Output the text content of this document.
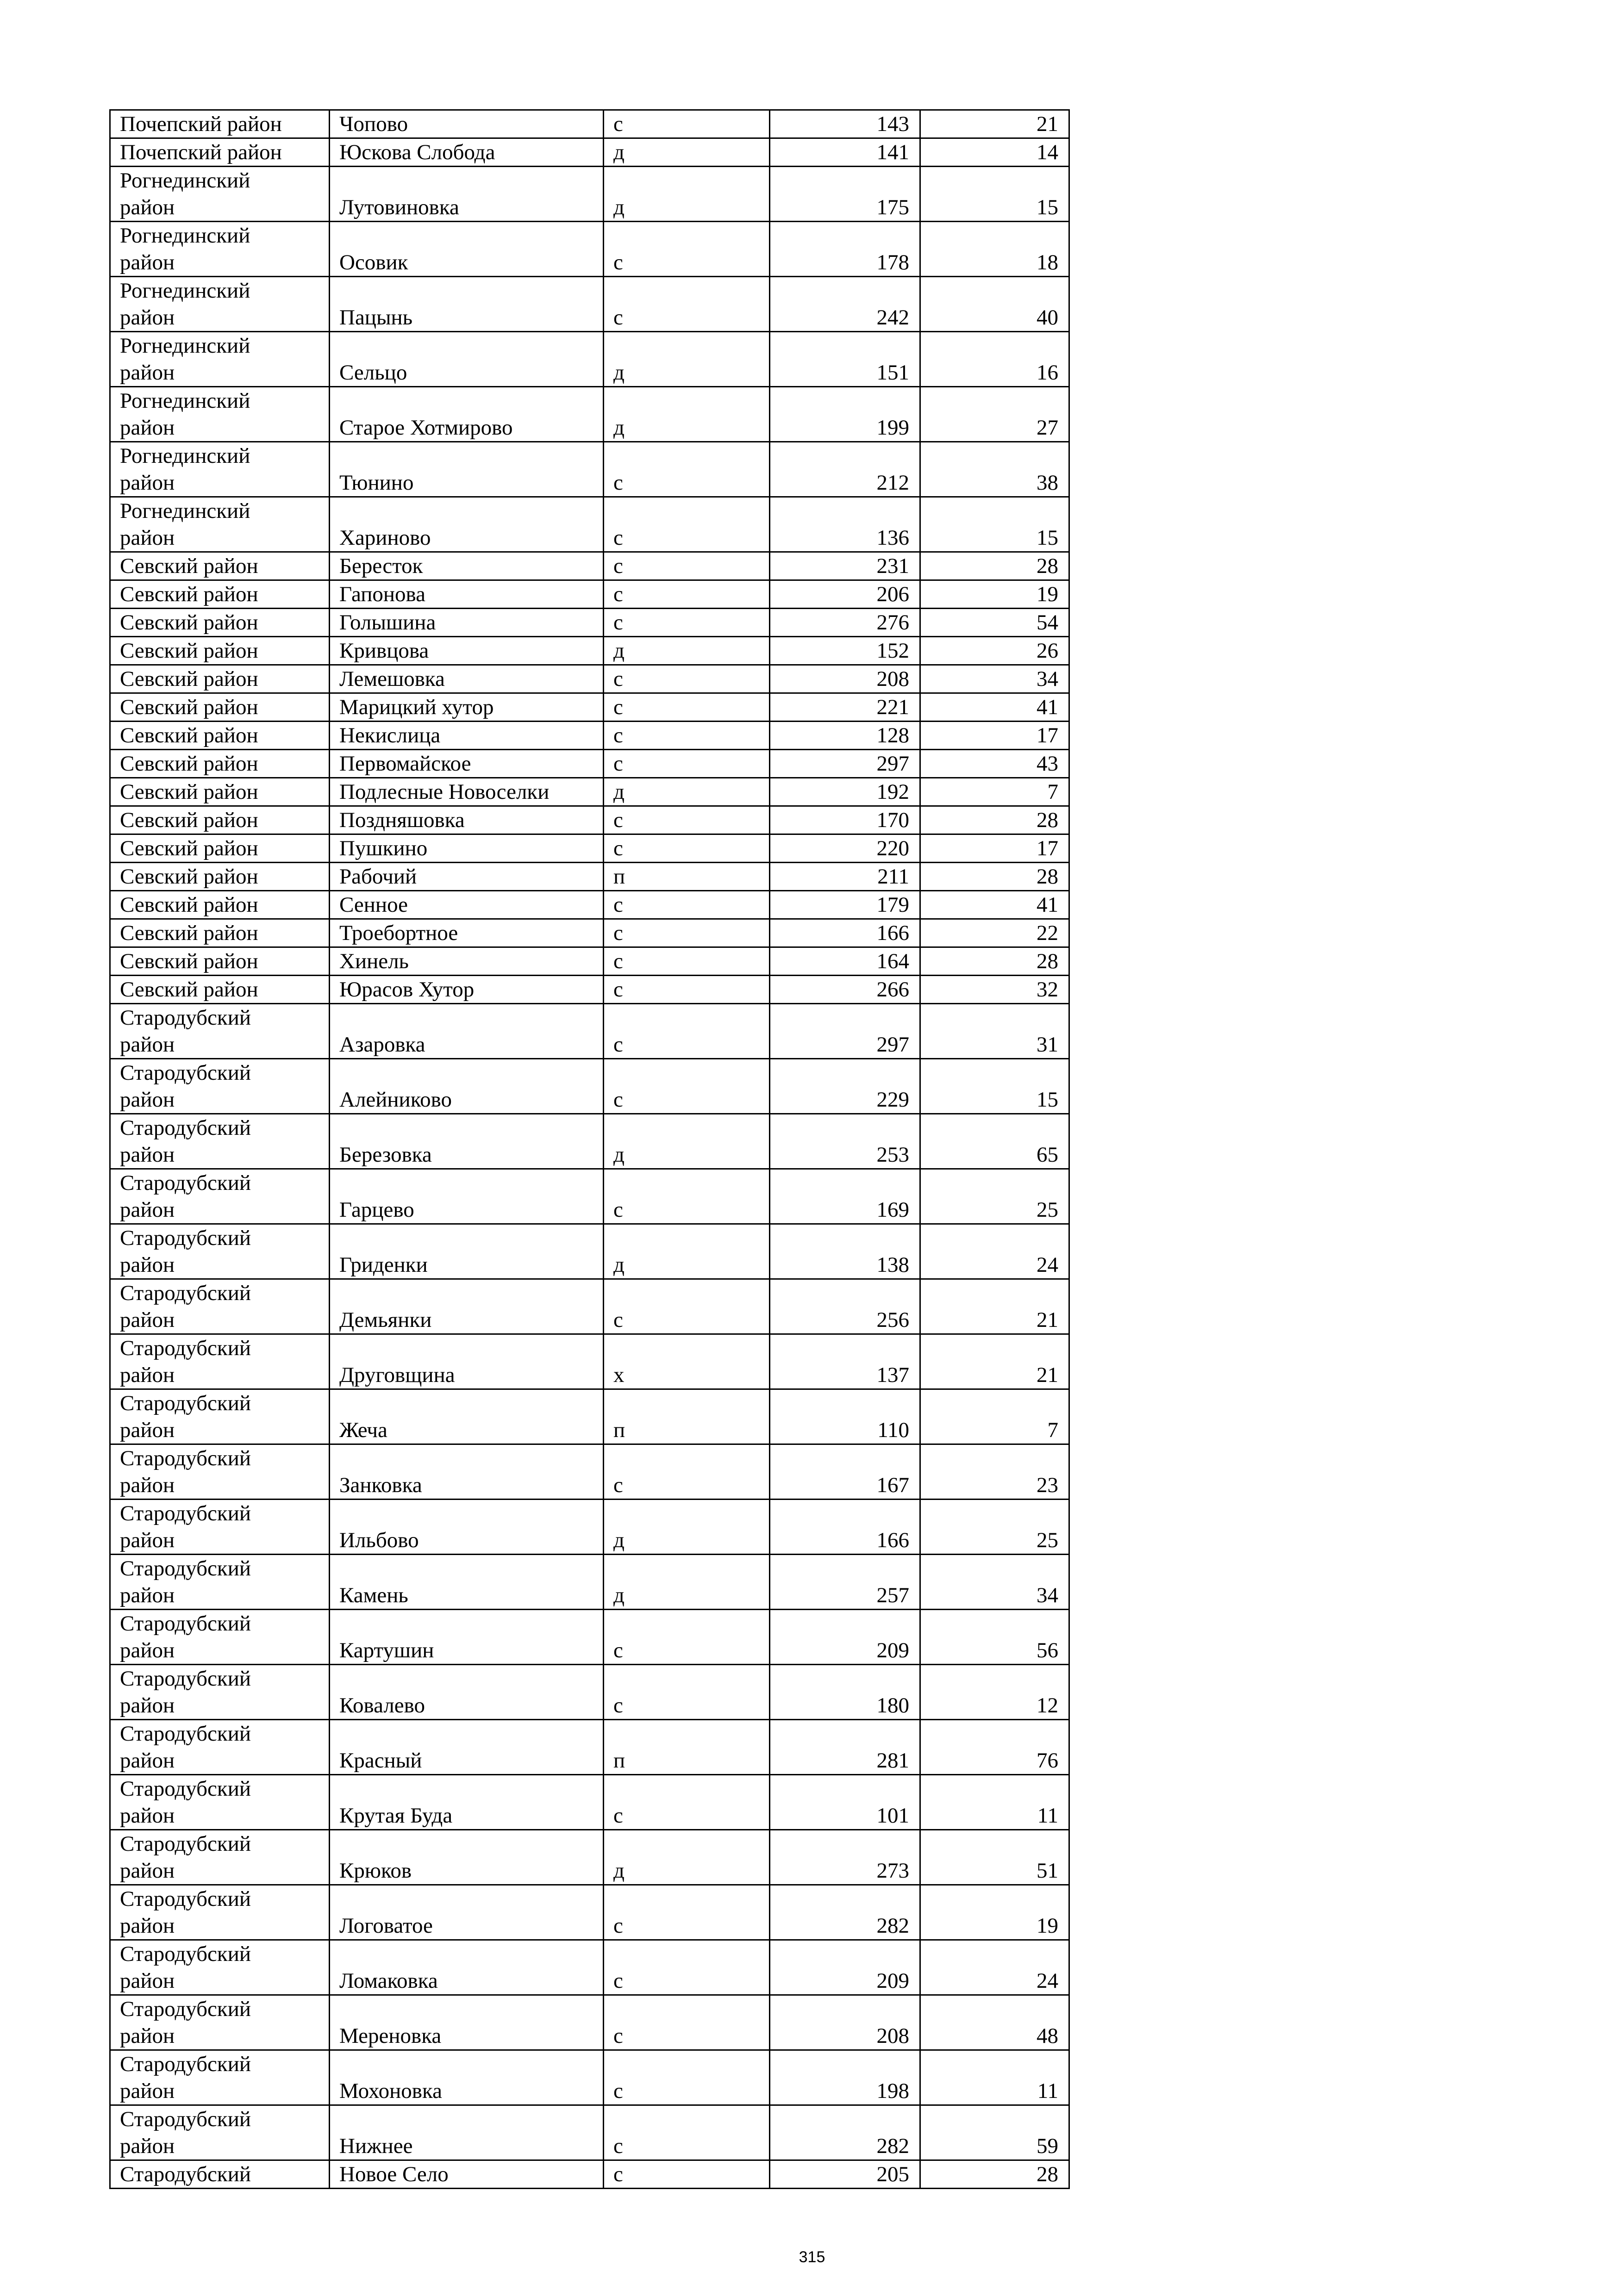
Почепский район	Чопово	с	143	21
Почепский район	Юскова Слобода	д	141	14

Рогнединский
район	Лутовиновка	д	175	15

Рогнединский
район	Осовик	с	178	18

Рогнединский
район	Пацынь	с	242	40

Рогнединский
район	Сельцо	д	151	16

Рогнединский
район	Старое Хотмирово	д	199	27

Рогнединский
район	Тюнино	с	212	38

Рогнединский
район	Хариново	с	136	15
Севский район	Бересток	с	231	28
Севский район	Гапонова	с	206	19
Севский район	Голышина	с	276	54
Севский район	Кривцова	д	152	26
Севский район	Лемешовка	с	208	34
Севский район	Марицкий хутор	с	221	41
Севский район	Некислица	с	128	17
Севский район	Первомайское	с	297	43
Севский район	Подлесные Новоселки	д	192	7
Севский район	Поздняшовка	с	170	28
Севский район	Пушкино	с	220	17
Севский район	Рабочий	п	211	28
Севский район	Сенное	с	179	41
Севский район	Троебортное	с	166	22
Севский район	Хинель	с	164	28
Севский район	Юрасов Хутор	с	266	32

Стародубский
район	Азаровка	с	297	31

Стародубский
район	Алейниково	с	229	15

Стародубский
район	Березовка	д	253	65

Стародубский
район	Гарцево	с	169	25

Стародубский
район	Гриденки	д	138	24

Стародубский
район	Демьянки	с	256	21

Стародубский
район	Друговщина	х	137	21

Стародубский
район	Жеча	п	110	7

Стародубский
район	Занковка	с	167	23

Стародубский
район	Ильбово	д	166	25

Стародубский
район	Камень	д	257	34

Стародубский
район	Картушин	с	209	56

Стародубский
район	Ковалево	с	180	12

Стародубский
район	Красный	п	281	76

Стародубский
район	Крутая Буда	с	101	11

Стародубский
район	Крюков	д	273	51

Стародубский
район	Логоватое	с	282	19

Стародубский
район	Ломаковка	с	209	24

Стародубский
район	Мереновка	с	208	48

Стародубский
район	Мохоновка	с	198	11

Стародубский
район	Нижнее	с	282	59
Стародубский	Новое Село	с	205	28
315
